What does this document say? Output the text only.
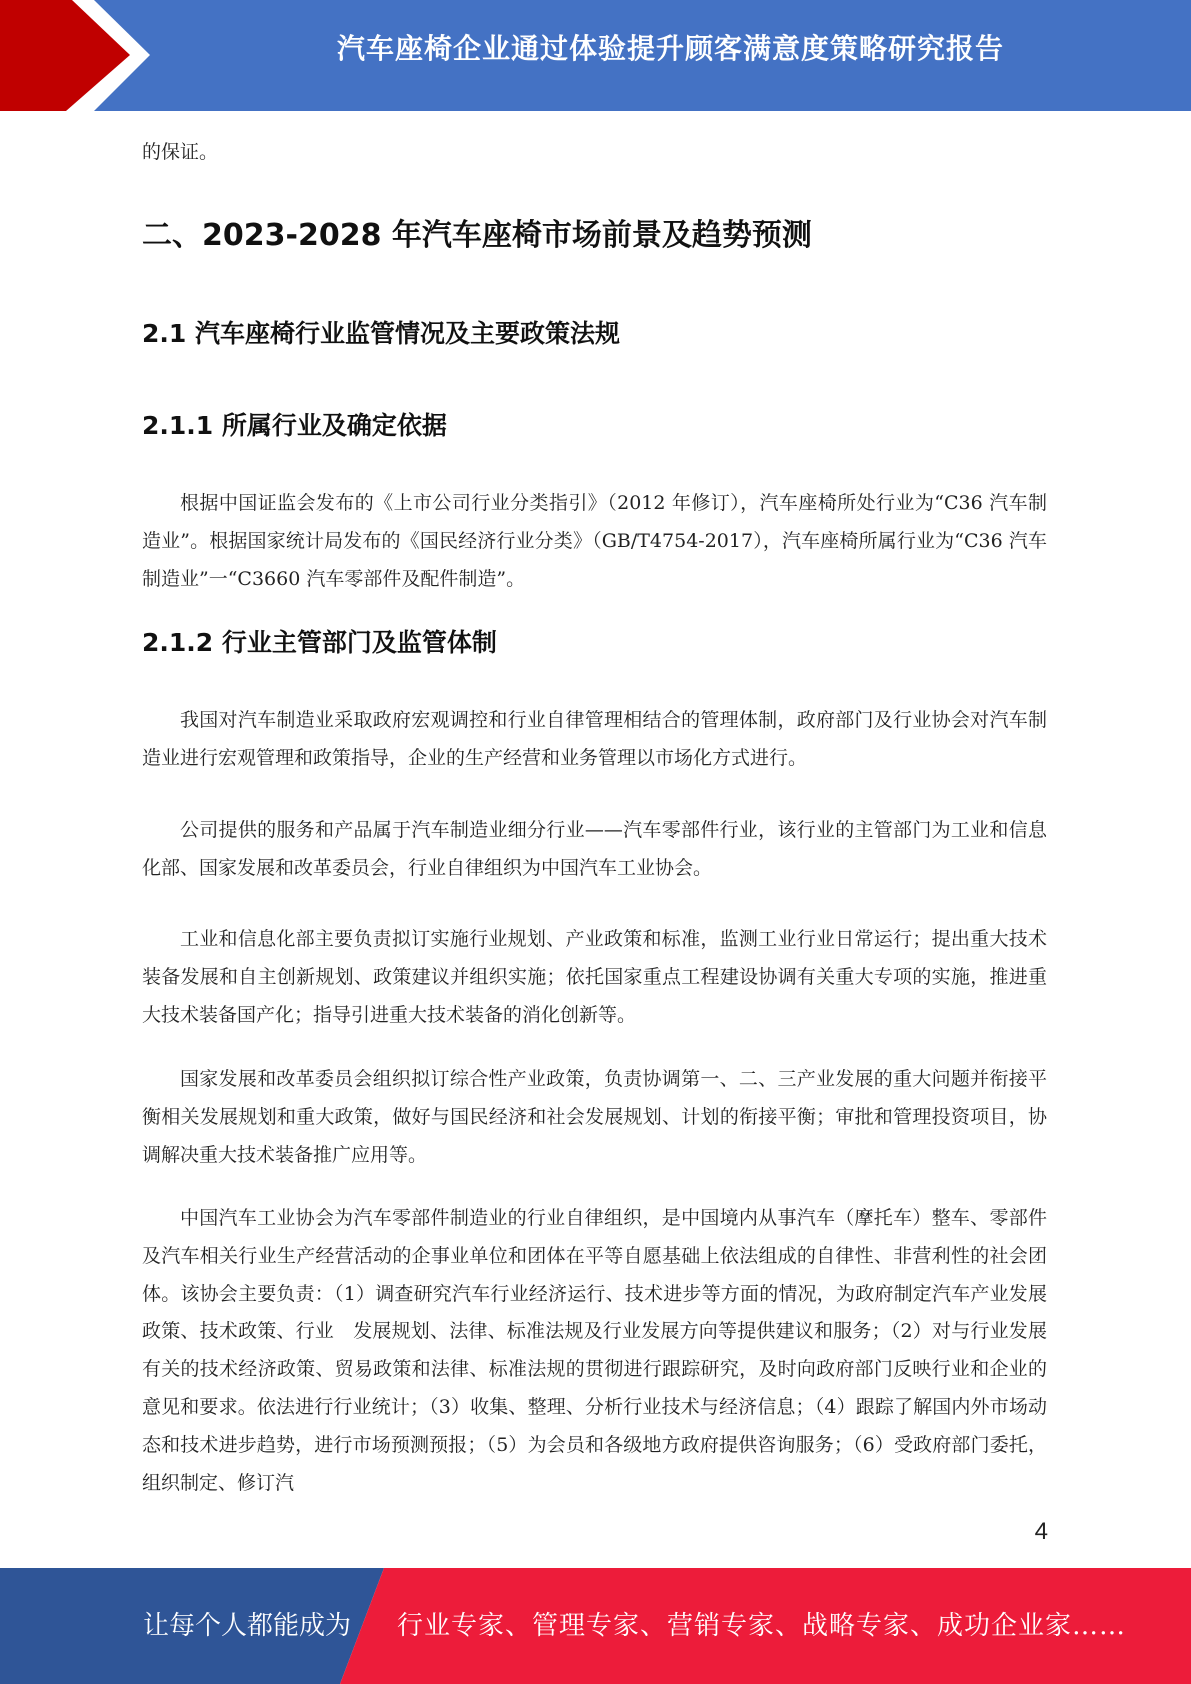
汽车座椅企业通过体验提升顾客满意度策略研究报告

的保证。

二、2023-2028 年汽车座椅市场前景及趋势预测
2.1 汽车座椅行业监管情况及主要政策法规
2.1.1 所属行业及确定依据

根据中国证监会发布的《上市公司行业分类指引》（2012 年修订），汽车座椅所处行业为“C36 汽车制造业”。根据国家统计局发布的《国民经济行业分类》（GB/T4754-2017），汽车座椅所属行业为“C36 汽车制造业”一“C3660 汽车零部件及配件制造”。

2.1.2 行业主管部门及监管体制

我国对汽车制造业采取政府宏观调控和行业自律管理相结合的管理体制，政府部门及行业协会对汽车制造业进行宏观管理和政策指导，企业的生产经营和业务管理以市场化方式进行。

公司提供的服务和产品属于汽车制造业细分行业——汽车零部件行业，该行业的主管部门为工业和信息化部、国家发展和改革委员会，行业自律组织为中国汽车工业协会。

工业和信息化部主要负责拟订实施行业规划、产业政策和标准，监测工业行业日常运行；提出重大技术装备发展和自主创新规划、政策建议并组织实施；依托国家重点工程建设协调有关重大专项的实施，推进重大技术装备国产化；指导引进重大技术装备的消化创新等。

国家发展和改革委员会组织拟订综合性产业政策，负责协调第一、二、三产业发展的重大问题并衔接平衡相关发展规划和重大政策，做好与国民经济和社会发展规划、计划的衔接平衡；审批和管理投资项目，协调解决重大技术装备推广应用等。

中国汽车工业协会为汽车零部件制造业的行业自律组织，是中国境内从事汽车（摩托车）整车、零部件及汽车相关行业生产经营活动的企事业单位和团体在平等自愿基础上依法组成的自律性、非营利性的社会团体。该协会主要负责：（1）调查研究汽车行业经济运行、技术进步等方面的情况，为政府制定汽车产业发展政策、技术政策、行业　发展规划、法律、标准法规及行业发展方向等提供建议和服务；（2）对与行业发展有关的技术经济政策、贸易政策和法律、标准法规的贯彻进行跟踪研究，及时向政府部门反映行业和企业的意见和要求。依法进行行业统计；（3）收集、整理、分析行业技术与经济信息；（4）跟踪了解国内外市场动态和技术进步趋势，进行市场预测预报；（5）为会员和各级地方政府提供咨询服务；（6）受政府部门委托，组织制定、修订汽

4
让每个人都能成为 行业专家、管理专家、营销专家、战略专家、成功企业家……
